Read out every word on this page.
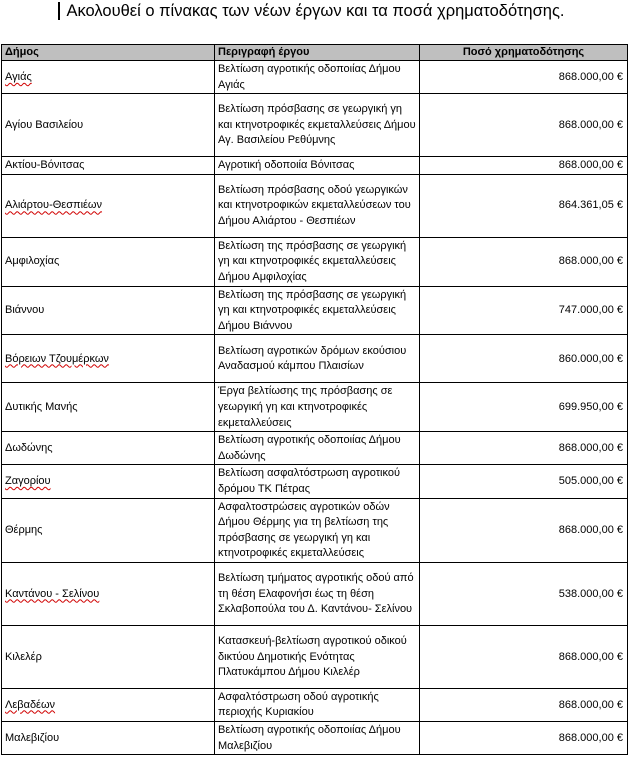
Ακολουθεί ο πίνακας των νέων έργων και τα ποσά χρηματοδότησης.
Δήμος	Περιγραφή έργου	Ποσό χρηματοδότησης
Αγιάς	Βελτίωση αγροτικής οδοποιίας Δήμου Αγιάς	868.000,00 €
Αγίου Βασιλείου	Βελτίωση πρόσβασης σε γεωργική γη και κτηνοτροφικές εκμεταλλεύσεις Δήμου Αγ. Βασιλείου Ρεθύμνης	868.000,00 €
Ακτίου-Βόνιτσας	Αγροτική οδοποιία Βόνιτσας	868.000,00 €
Αλιάρτου-Θεσπιέων	Βελτίωση πρόσβασης οδού γεωργικών και κτηνοτροφικών εκμεταλλεύσεων του Δήμου Αλιάρτου - Θεσπιέων	864.361,05 €
Αμφιλοχίας	Βελτίωση της πρόσβασης σε γεωργική γη και κτηνοτροφικές εκμεταλλεύσεις Δήμου Αμφιλοχίας	868.000,00 €
Βιάννου	Βελτίωση της πρόσβασης σε γεωργική γη και κτηνοτροφικές εκμεταλλεύσεις Δήμου Βιάννου	747.000,00 €
Βόρειων Τζουμέρκων	Βελτίωση αγροτικών δρόμων εκούσιου Αναδασμού κάμπου Πλαισίων	860.000,00 €
Δυτικής Μανής	Έργα βελτίωσης της πρόσβασης σε γεωργική γη και κτηνοτροφικές εκμεταλλεύσεις	699.950,00 €
Δωδώνης	Βελτίωση αγροτικής οδοποιίας Δήμου Δωδώνης	868.000,00 €
Ζαγορίου	Βελτίωση ασφαλτόστρωση αγροτικού δρόμου ΤΚ Πέτρας	505.000,00 €
Θέρμης	Ασφαλτοστρώσεις αγροτικών οδών Δήμου Θέρμης για τη βελτίωση της πρόσβασης σε γεωργική γη και κτηνοτροφικές εκμεταλλεύσεις	868.000,00 €
Καντάνου - Σελίνου	Βελτίωση τμήματος αγροτικής οδού από τη θέση Ελαφονήσι έως τη θέση Σκλαβοπούλα του Δ. Καντάνου- Σελίνου	538.000,00 €
Κιλελέρ	Κατασκευή-βελτίωση αγροτικού οδικού δικτύου Δημοτικής Ενότητας Πλατυκάμπου Δήμου Κιλελέρ	868.000,00 €
Λεβαδέων	Ασφαλτόστρωση οδού αγροτικής περιοχής Κυριακίου	868.000,00 €
Μαλεβιζίου	Βελτίωση αγροτικής οδοποιίας Δήμου Μαλεβιζίου	868.000,00 €
